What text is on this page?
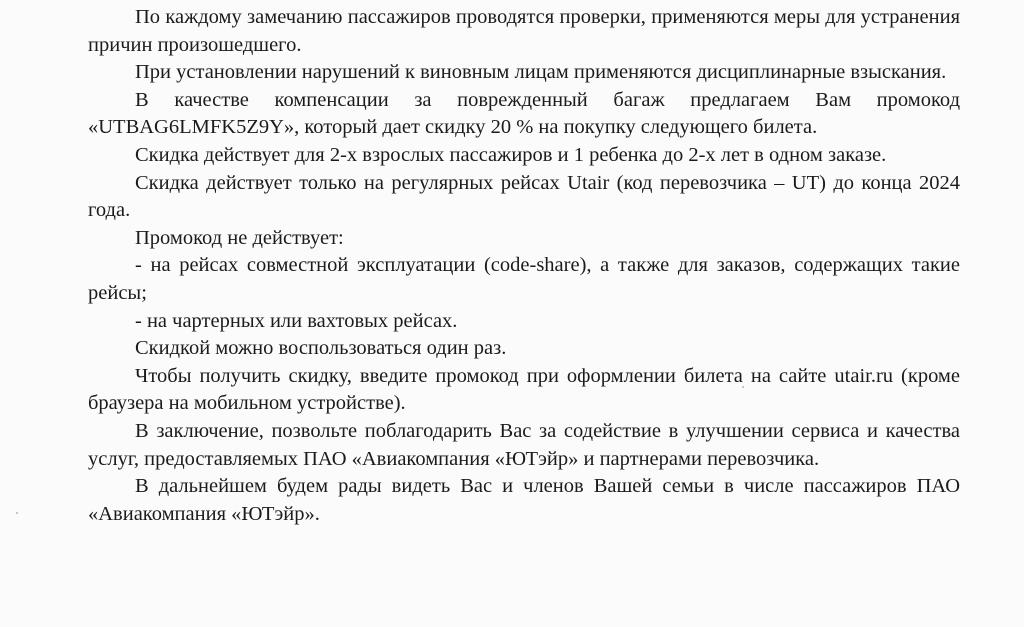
По каждому замечанию пассажиров проводятся проверки, применяются меры для устранения причин произошедшего.

При установлении нарушений к виновным лицам применяются дисциплинарные взыскания.

В качестве компенсации за поврежденный багаж предлагаем Вам промокод «UTBAG6LMFK5Z9Y», который дает скидку 20 % на покупку следующего билета.

Скидка действует для 2-х взрослых пассажиров и 1 ребенка до 2-х лет в одном заказе.

Скидка действует только на регулярных рейсах Utair (код перевозчика – UT) до конца 2024 года.

Промокод не действует:

- на рейсах совместной эксплуатации (code-share), а также для заказов, содержащих такие рейсы;

- на чартерных или вахтовых рейсах.

Скидкой можно воспользоваться один раз.

Чтобы получить скидку, введите промокод при оформлении билета на сайте utair.ru (кроме браузера на мобильном устройстве).

В заключение, позвольте поблагодарить Вас за содействие в улучшении сервиса и качества услуг, предоставляемых ПАО «Авиакомпания «ЮТэйр» и партнерами перевозчика.

В дальнейшем будем рады видеть Вас и членов Вашей семьи в числе пассажиров ПАО «Авиакомпания «ЮТэйр».
